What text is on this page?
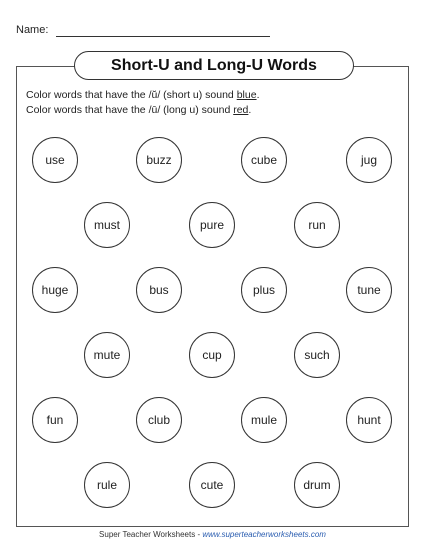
Name:
Short-U and Long-U Words
Color words that have the /ŭ/ (short u) sound blue.
Color words that have the /ū/ (long u) sound red.
use	buzz	cube	jug
must	pure	run
huge	bus	plus	tune
mute	cup	such
fun	club	mule	hunt
rule	cute	drum
Super Teacher Worksheets - www.superteacherworksheets.com
